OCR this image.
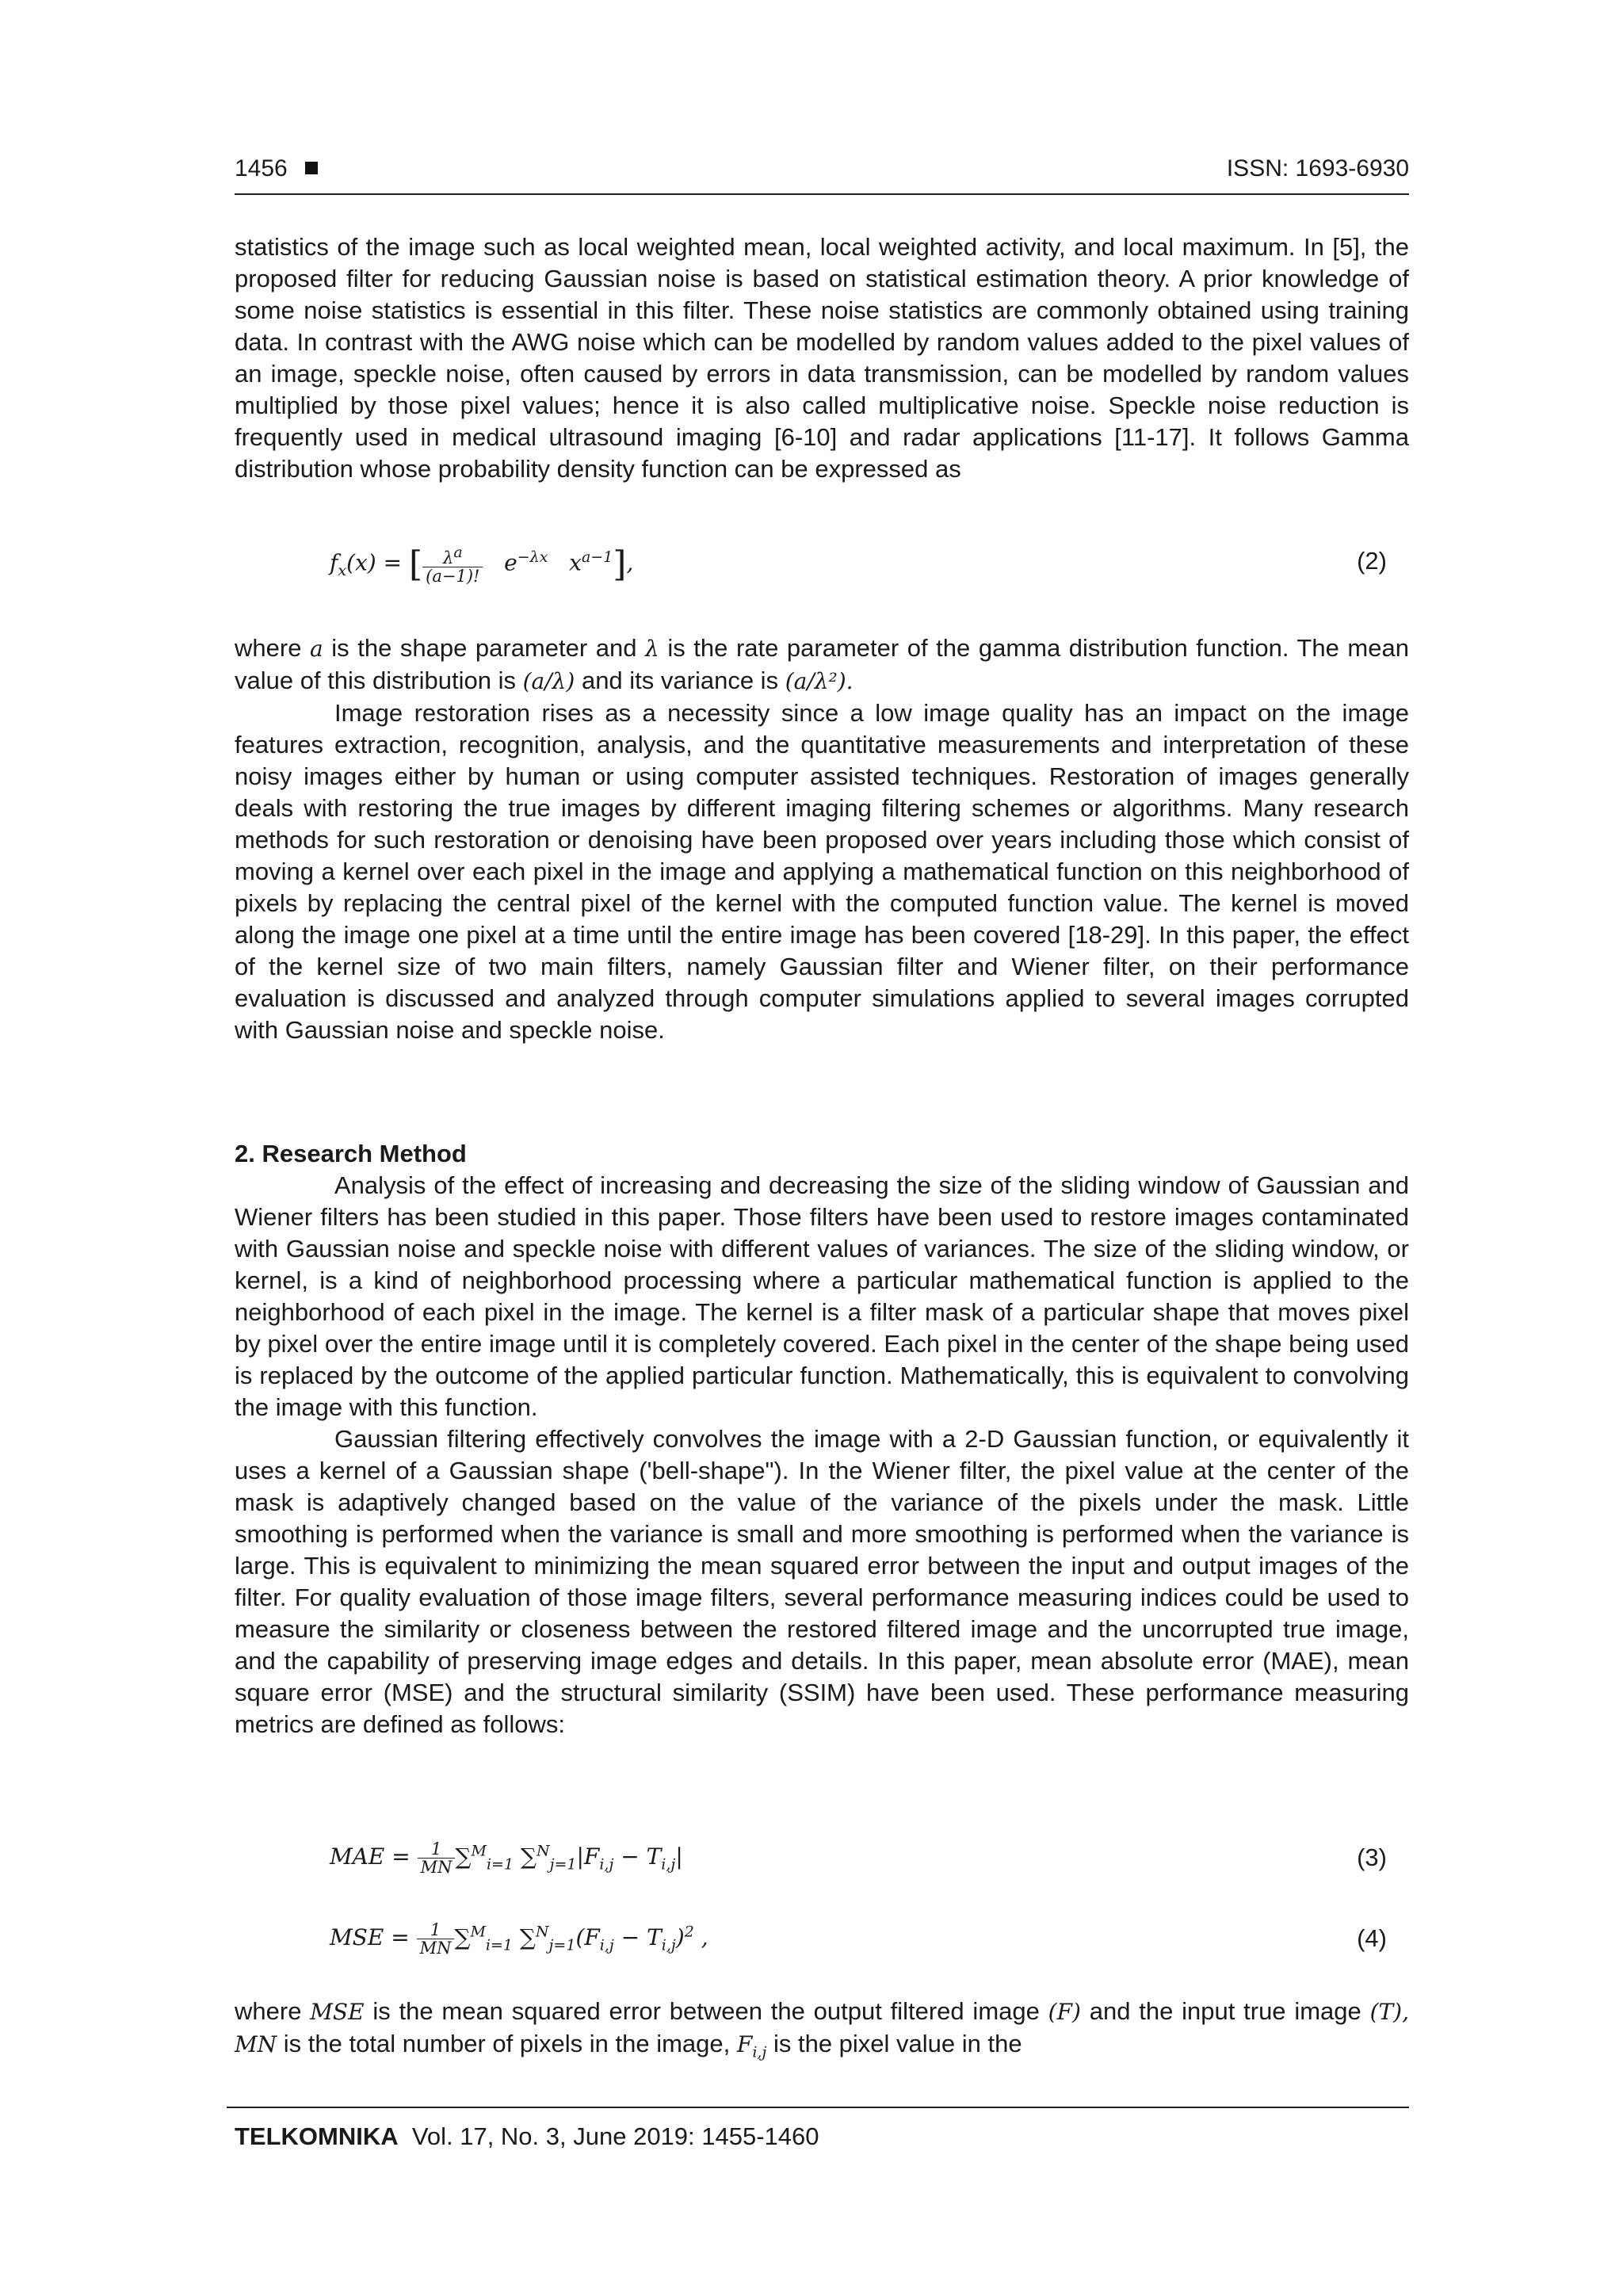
1456	ISSN: 1693-6930

statistics of the image such as local weighted mean, local weighted activity, and local maximum. In [5], the proposed filter for reducing Gaussian noise is based on statistical estimation theory. A prior knowledge of some noise statistics is essential in this filter. These noise statistics are commonly obtained using training data. In contrast with the AWG noise which can be modelled by random values added to the pixel values of an image, speckle noise, often caused by errors in data transmission, can be modelled by random values multiplied by those pixel values; hence it is also called multiplicative noise. Speckle noise reduction is frequently used in medical ultrasound imaging [6-10] and radar applications [11-17]. It follows Gamma distribution whose probability density function can be expressed as

$f_x(x)$ = [ $\frac{\lambda^a}{(a-1)!} e^{-\lambda x}$   $x^{a-1}$],	(2)

where a is the shape parameter and λ is the rate parameter of the gamma distribution function. The mean value of this distribution is (a/λ) and its variance is (a/λ²).

Image restoration rises as a necessity since a low image quality has an impact on the image features extraction, recognition, analysis, and the quantitative measurements and interpretation of these noisy images either by human or using computer assisted techniques. Restoration of images generally deals with restoring the true images by different imaging filtering schemes or algorithms. Many research methods for such restoration or denoising have been proposed over years including those which consist of moving a kernel over each pixel in the image and applying a mathematical function on this neighborhood of pixels by replacing the central pixel of the kernel with the computed function value. The kernel is moved along the image one pixel at a time until the entire image has been covered [18-29]. In this paper, the effect of the kernel size of two main filters, namely Gaussian filter and Wiener filter, on their performance evaluation is discussed and analyzed through computer simulations applied to several images corrupted with Gaussian noise and speckle noise.

2. Research Method

Analysis of the effect of increasing and decreasing the size of the sliding window of Gaussian and Wiener filters has been studied in this paper. Those filters have been used to restore images contaminated with Gaussian noise and speckle noise with different values of variances. The size of the sliding window, or kernel, is a kind of neighborhood processing where a particular mathematical function is applied to the neighborhood of each pixel in the image. The kernel is a filter mask of a particular shape that moves pixel by pixel over the entire image until it is completely covered. Each pixel in the center of the shape being used is replaced by the outcome of the applied particular function. Mathematically, this is equivalent to convolving the image with this function.

Gaussian filtering effectively convolves the image with a 2-D Gaussian function, or equivalently it uses a kernel of a Gaussian shape ('bell-shape"). In the Wiener filter, the pixel value at the center of the mask is adaptively changed based on the value of the variance of the pixels under the mask. Little smoothing is performed when the variance is small and more smoothing is performed when the variance is large. This is equivalent to minimizing the mean squared error between the input and output images of the filter. For quality evaluation of those image filters, several performance measuring indices could be used to measure the similarity or closeness between the restored filtered image and the uncorrupted true image, and the capability of preserving image edges and details. In this paper, mean absolute error (MAE), mean square error (MSE) and the structural similarity (SSIM) have been used. These performance measuring metrics are defined as follows:

MAE = $\frac{1}{MN} \sum^M_{i=1}$ $\sum^N_{j=1}|F_{i,j} - T_{i,j}|$	(3)
MSE = $\frac{1}{MN} \sum^M_{i=1}$ $\sum^N_{j=1}(F_{i,j} - T_{i,j})^2$ ,	(4)

where MSE is the mean squared error between the output filtered image (F) and the input true image (T), MN is the total number of pixels in the image, $F_{i,j}$ is the pixel value in the

TELKOMNIKA Vol. 17, No. 3, June 2019: 1455-1460
